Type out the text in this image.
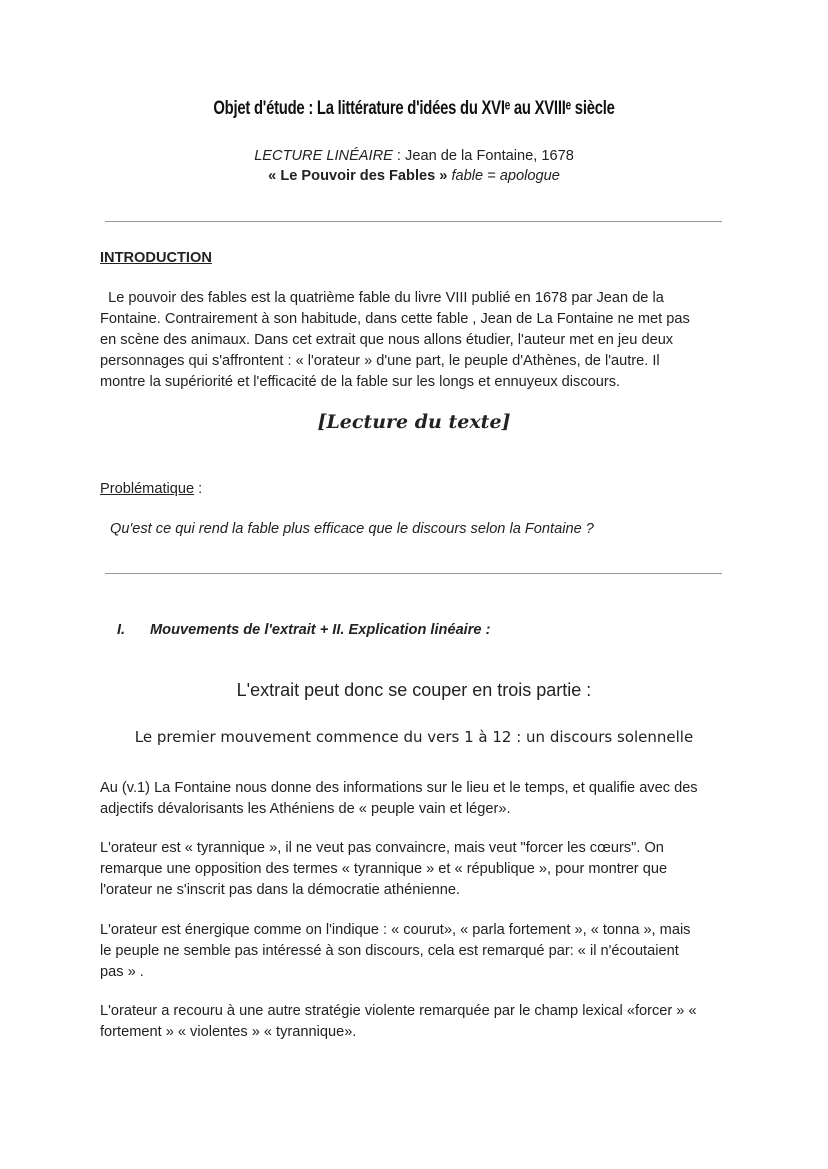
Objet d'étude : La littérature d'idées du XVIᵉ au XVIIIᵉ siècle
LECTURE LINÉAIRE : Jean de la Fontaine, 1678
« Le Pouvoir des Fables » fable = apologue
INTRODUCTION
Le pouvoir des fables est la quatrième fable du livre VIII publié en 1678 par Jean de la
Fontaine. Contrairement à son habitude, dans cette fable , Jean de La Fontaine ne met pas
en scène des animaux. Dans cet extrait que nous allons étudier, l'auteur met en jeu deux
personnages qui s'affrontent : « l'orateur » d'une part, le peuple d'Athènes, de l'autre. Il
montre la supériorité et l'efficacité de la fable sur les longs et ennuyeux discours.
[Lecture du texte]
Problématique :
Qu'est ce qui rend la fable plus efficace que le discours selon la Fontaine ?
I. Mouvements de l'extrait + II. Explication linéaire :
L'extrait peut donc se couper en trois partie :
Le premier mouvement commence du vers 1 à 12 : un discours solennelle
Au (v.1) La Fontaine nous donne des informations sur le lieu et le temps, et qualifie avec des
adjectifs dévalorisants les Athéniens de « peuple vain et léger».
L'orateur est « tyrannique », il ne veut pas convaincre, mais veut "forcer les cœurs". On
remarque une opposition des termes « tyrannique » et « république », pour montrer que
l'orateur ne s'inscrit pas dans la démocratie athénienne.
L'orateur est énergique comme on l'indique : « courut», « parla fortement », « tonna », mais
le peuple ne semble pas intéressé à son discours, cela est remarqué par: « il n'écoutaient
pas » .
L'orateur a recouru à une autre stratégie violente remarquée par le champ lexical «forcer » «
fortement » « violentes » « tyrannique».
